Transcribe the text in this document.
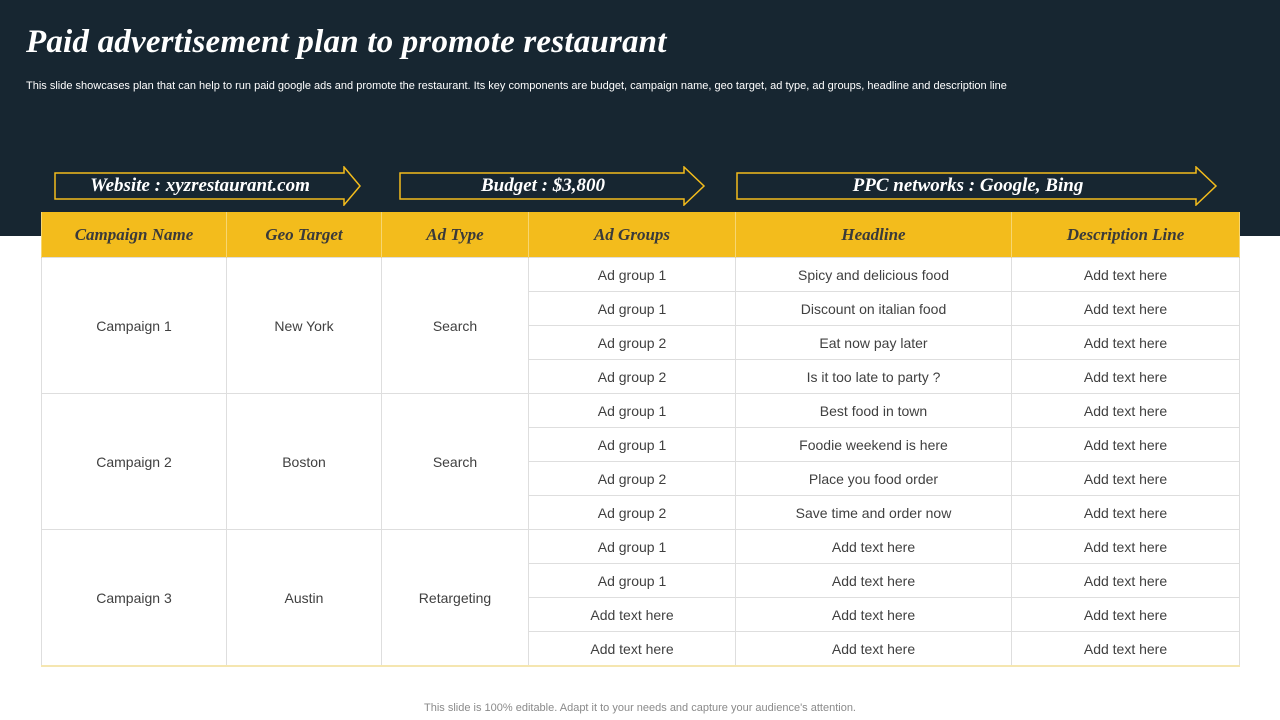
Paid advertisement plan to promote restaurant
This slide showcases plan that can help to run paid google ads and promote the restaurant. Its key components are budget, campaign name, geo target, ad type, ad groups, headline and description line
Website : xyzrestaurant.com	Budget : $3,800	PPC networks : Google, Bing
Campaign Name	Geo Target	Ad Type	Ad Groups	Headline	Description Line
Campaign 1	New York	Search	Ad group 1	Spicy and delicious food	Add text here
			Ad group 1	Discount on italian food	Add text here
			Ad group 2	Eat now pay later	Add text here
			Ad group 2	Is it too late to party ?	Add text here
Campaign 2	Boston	Search	Ad group 1	Best food in town	Add text here
			Ad group 1	Foodie weekend is here	Add text here
			Ad group 2	Place you food order	Add text here
			Ad group 2	Save time and order now	Add text here
Campaign 3	Austin	Retargeting	Ad group 1	Add text here	Add text here
			Ad group 1	Add text here	Add text here
			Add text here	Add text here	Add text here
			Add text here	Add text here	Add text here
This slide is 100% editable. Adapt it to your needs and capture your audience's attention.
